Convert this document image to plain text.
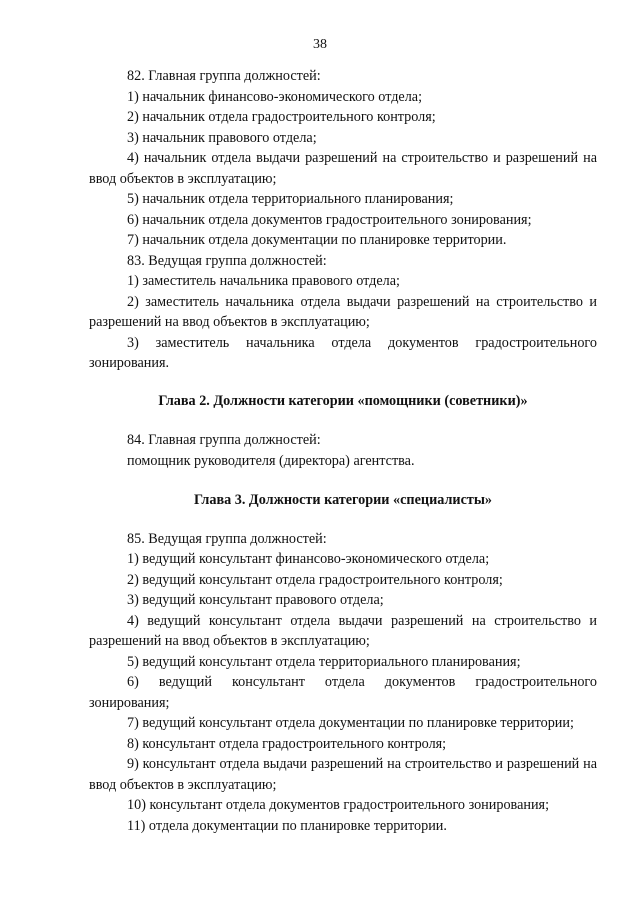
38

82. Главная группа должностей:

1) начальник финансово-экономического отдела;

2) начальник отдела градостроительного контроля;

3) начальник правового отдела;

4) начальник отдела выдачи разрешений на строительство и разрешений на ввод объектов в эксплуатацию;

5) начальник отдела территориального планирования;

6) начальник отдела документов градостроительного зонирования;

7) начальник отдела документации по планировке территории.

83. Ведущая группа должностей:

1) заместитель начальника правового отдела;

2) заместитель начальника отдела выдачи разрешений на строительство и разрешений на ввод объектов в эксплуатацию;

3) заместитель начальника отдела документов градостроительного зонирования.

Глава 2. Должности категории «помощники (советники)»

84. Главная группа должностей:

помощник руководителя (директора) агентства.

Глава 3. Должности категории «специалисты»

85. Ведущая группа должностей:

1) ведущий консультант финансово-экономического отдела;

2) ведущий консультант отдела градостроительного контроля;

3) ведущий консультант правового отдела;

4) ведущий консультант отдела выдачи разрешений на строительство и разрешений на ввод объектов в эксплуатацию;

5) ведущий консультант отдела территориального планирования;

6) ведущий консультант отдела документов градостроительного зонирования;

7) ведущий консультант отдела документации по планировке территории;

8) консультант отдела градостроительного контроля;

9) консультант отдела выдачи разрешений на строительство и разрешений на ввод объектов в эксплуатацию;

10) консультант отдела документов градостроительного зонирования;

11) отдела документации по планировке территории.
